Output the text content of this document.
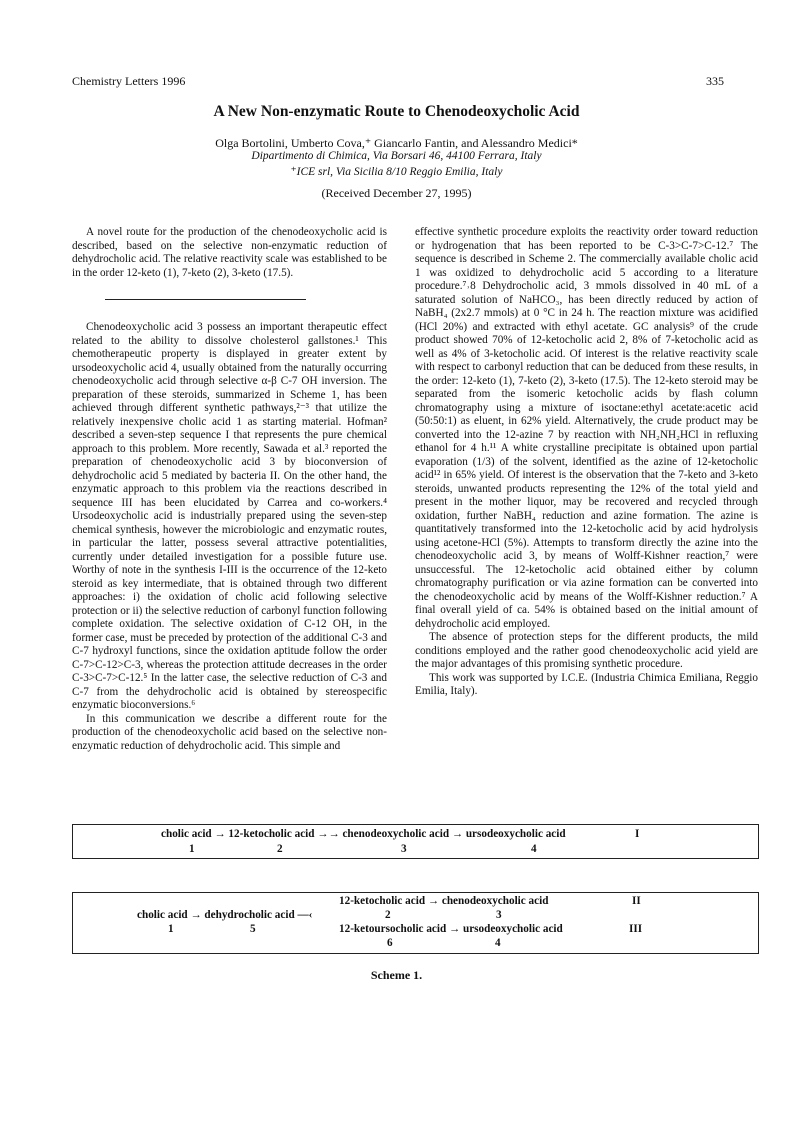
Chemistry Letters 1996	335
A New Non-enzymatic Route to Chenodeoxycholic Acid
Olga Bortolini, Umberto Cova,⁺ Giancarlo Fantin, and Alessandro Medici*
Dipartimento di Chimica, Via Borsari 46, 44100 Ferrara, Italy
⁺ICE srl, Via Sicilia 8/10 Reggio Emilia, Italy
(Received December 27, 1995)

A novel route for the production of the chenodeoxycholic acid is described, based on the selective non-enzymatic reduction of dehydrocholic acid. The relative reactivity scale was established to be in the order 12-keto (1), 7-keto (2), 3-keto (17.5).

Chenodeoxycholic acid 3 possess an important therapeutic effect related to the ability to dissolve cholesterol gallstones.¹ This chemotherapeutic property is displayed in greater extent by ursodeoxycholic acid 4, usually obtained from the naturally occurring chenodeoxycholic acid through selective α-β C-7 OH inversion. The preparation of these steroids, summarized in Scheme 1, has been achieved through different synthetic pathways,²⁻³ that utilize the relatively inexpensive cholic acid 1 as starting material. Hofman² described a seven-step sequence I that represents the pure chemical approach to this problem. More recently, Sawada et al.³ reported the preparation of chenodeoxycholic acid 3 by bioconversion of dehydrocholic acid 5 mediated by bacteria II. On the other hand, the enzymatic approach to this problem via the reactions described in sequence III has been elucidated by Carrea and co-workers.⁴ Ursodeoxycholic acid is industrially prepared using the seven-step chemical synthesis, however the microbiologic and enzymatic routes, in particular the latter, possess several attractive potentialities, currently under detailed investigation for a possible future use. Worthy of note in the synthesis I-III is the occurrence of the 12-keto steroid as key intermediate, that is obtained through two different approaches: i) the oxidation of cholic acid following selective protection or ii) the selective reduction of carbonyl function following complete oxidation. The selective oxidation of C-12 OH, in the former case, must be preceded by protection of the additional C-3 and C-7 hydroxyl functions, since the oxidation aptitude follow the order C-7>C-12>C-3, whereas the protection attitude decreases in the order C-3>C-7>C-12.⁵ In the latter case, the selective reduction of C-3 and C-7 from the dehydrocholic acid is obtained by stereospecific enzymatic bioconversions.⁶

In this communication we describe a different route for the production of the chenodeoxycholic acid based on the selective non-enzymatic reduction of dehydrocholic acid. This simple and

effective synthetic procedure exploits the reactivity order toward reduction or hydrogenation that has been reported to be C-3>C-7>C-12.⁷ The sequence is described in Scheme 2. The commercially available cholic acid 1 was oxidized to dehydrocholic acid 5 according to a literature procedure.⁷˒8 Dehydrocholic acid, 3 mmols dissolved in 40 mL of a saturated solution of NaHCO₃, has been directly reduced by action of NaBH₄ (2x2.7 mmols) at 0 °C in 24 h. The reaction mixture was acidified (HCl 20%) and extracted with ethyl acetate. GC analysis⁹ of the crude product showed 70% of 12-ketocholic acid 2, 8% of 7-ketocholic acid as well as 4% of 3-ketocholic acid. Of interest is the relative reactivity scale with respect to carbonyl reduction that can be deduced from these results, in the order: 12-keto (1), 7-keto (2), 3-keto (17.5). The 12-keto steroid may be separated from the isomeric ketocholic acids by flash column chromatography using a mixture of isoctane:ethyl acetate:acetic acid (50:50:1) as eluent, in 62% yield. Alternatively, the crude product may be converted into the 12-azine 7 by reaction with NH₂NH₂HCl in refluxing ethanol for 4 h.¹¹ A white crystalline precipitate is obtained upon partial evaporation (1/3) of the solvent, identified as the azine of 12-ketocholic acid¹² in 65% yield. Of interest is the observation that the 7-keto and 3-keto steroids, unwanted products representing the 12% of the total yield and present in the mother liquor, may be recovered and recycled through oxidation, further NaBH₄ reduction and azine formation. The azine is quantitatively transformed into the 12-ketocholic acid by acid hydrolysis using acetone-HCl (5%). Attempts to transform directly the azine into the chenodeoxycholic acid 3, by means of Wolff-Kishner reaction,⁷ were unsuccessful. The 12-ketocholic acid obtained either by column chromatography purification or via azine formation can be converted into the chenodeoxycholic acid by means of the Wolff-Kishner reduction.⁷ A final overall yield of ca. 54% is obtained based on the initial amount of dehydrocholic acid employed.

The absence of protection steps for the different products, the mild conditions employed and the rather good chenodeoxycholic acid yield are the major advantages of this promising synthetic procedure.

This work was supported by I.C.E. (Industria Chimica Emiliana, Reggio Emilia, Italy).

cholic acid → 12-ketocholic acid →→ chenodeoxycholic acid → ursodeoxycholic acid	I
1	2	3	4
12-ketocholic acid → chenodeoxycholic acid	II
cholic acid → dehydrocholic acid —‹	2	3
1	5	12-ketoursocholic acid → ursodeoxycholic acid	III
6	4
Scheme 1.
